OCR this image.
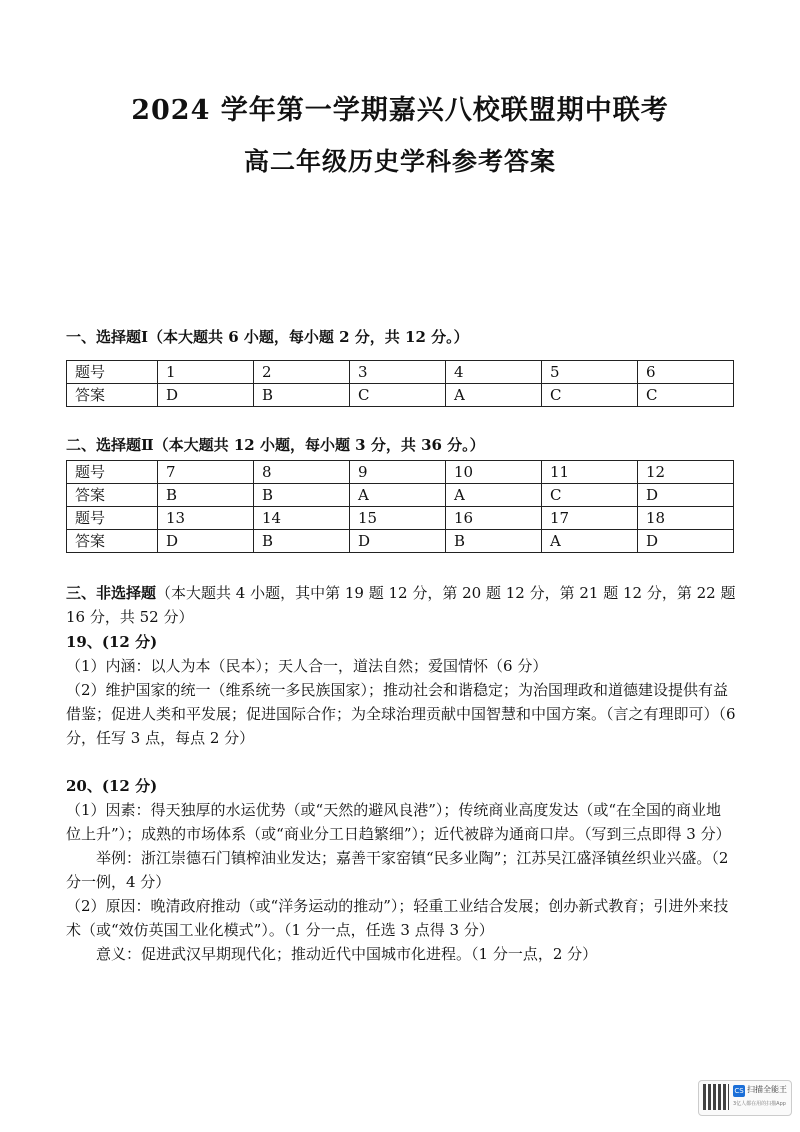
2024 学年第一学期嘉兴八校联盟期中联考
高二年级历史学科参考答案
一、选择题Ⅰ（本大题共 6 小题，每小题 2 分，共 12 分。）
题号	1	2	3	4	5	6
答案	D	B	C	A	C	C
二、选择题Ⅱ（本大题共 12 小题，每小题 3 分，共 36 分。）
题号	7	8	9	10	11	12
答案	B	B	A	A	C	D
题号	13	14	15	16	17	18
答案	D	B	D	B	A	D

三、非选择题（本大题共 4 小题，其中第 19 题 12 分，第 20 题 12 分，第 21 题 12 分，第 22 题 16 分，共 52 分）

19、(12 分)

（1）内涵：以人为本（民本）；天人合一，道法自然；爱国情怀（6 分）

（2）维护国家的统一（维系统一多民族国家）；推动社会和谐稳定；为治国理政和道德建设提供有益借鉴；促进人类和平发展；促进国际合作；为全球治理贡献中国智慧和中国方案。（言之有理即可）（6 分，任写 3 点，每点 2 分）

20、(12 分)

（1）因素：得天独厚的水运优势（或“天然的避风良港”）；传统商业高度发达（或“在全国的商业地位上升”）；成熟的市场体系（或“商业分工日趋繁细”）；近代被辟为通商口岸。（写到三点即得 3 分）

举例：浙江崇德石门镇榨油业发达；嘉善干家窑镇“民多业陶”；江苏吴江盛泽镇丝织业兴盛。（2 分一例，4 分）

（2）原因：晚清政府推动（或“洋务运动的推动”）；轻重工业结合发展；创办新式教育；引进外来技术（或“效仿英国工业化模式”）。（1 分一点，任选 3 点得 3 分）

意义：促进武汉早期现代化；推动近代中国城市化进程。（1 分一点，2 分）

CS 扫描全能王
3亿人都在用的扫描App
